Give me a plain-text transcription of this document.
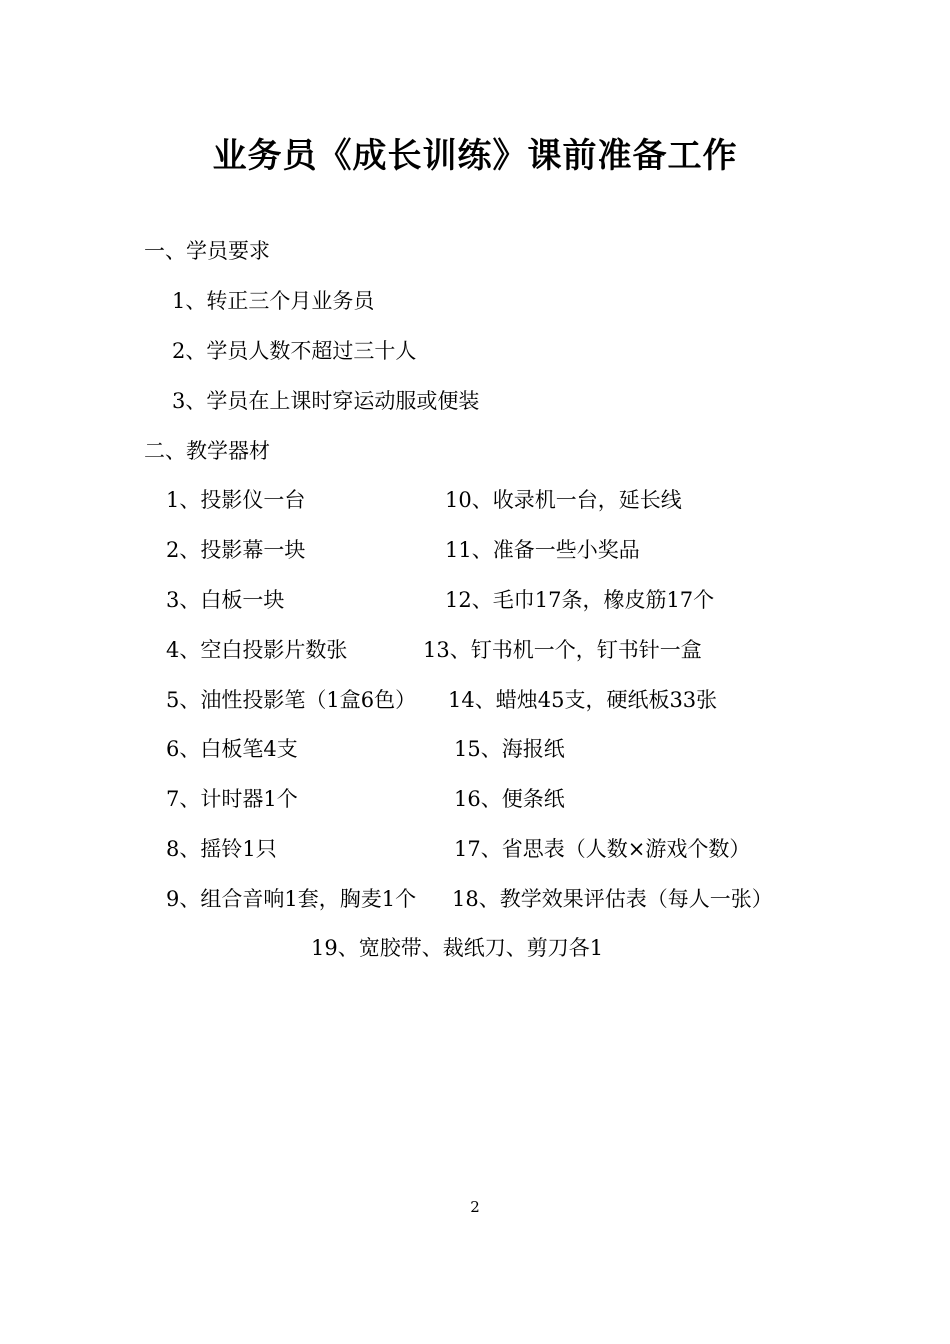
业务员《成长训练》课前准备工作
一、学员要求
1、转正三个月业务员
2、学员人数不超过三十人
3、学员在上课时穿运动服或便装
二、教学器材
1、投影仪一台
2、投影幕一块
3、白板一块
4、空白投影片数张
5、油性投影笔（1盒6色）
6、白板笔4支
7、计时器1个
8、摇铃1只
9、组合音响1套，胸麦1个
10、收录机一台，延长线
11、准备一些小奖品
12、毛巾17条，橡皮筋17个
13、钉书机一个，钉书针一盒
14、蜡烛45支，硬纸板33张
15、海报纸
16、便条纸
17、省思表（人数×游戏个数）
18、教学效果评估表（每人一张）
19、宽胶带、裁纸刀、剪刀各1
2
